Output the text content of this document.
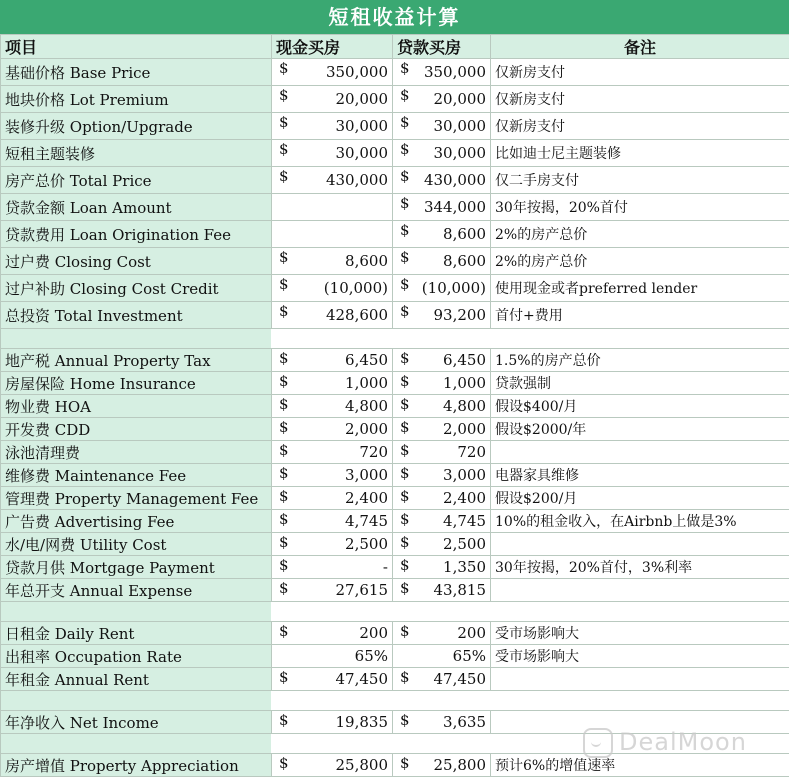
短租收益计算
项目	现金买房	贷款买房	备注
基础价格 Base Price	$ 350,000	$ 350,000	仅新房支付
地块价格 Lot Premium	$ 20,000	$ 20,000	仅新房支付
装修升级 Option/Upgrade	$ 30,000	$ 30,000	仅新房支付
短租主题装修	$ 30,000	$ 30,000	比如迪士尼主题装修
房产总价 Total Price	$ 430,000	$ 430,000	仅二手房支付
贷款金额 Loan Amount		$ 344,000	30年按揭，20%首付
贷款费用 Loan Origination Fee		$ 8,600	2%的房产总价
过户费 Closing Cost	$ 8,600	$ 8,600	2%的房产总价
过户补助 Closing Cost Credit	$ (10,000)	$ (10,000)	使用现金或者preferred lender
总投资 Total Investment	$ 428,600	$ 93,200	首付+费用

地产税 Annual Property Tax	$ 6,450	$ 6,450	1.5%的房产总价
房屋保险 Home Insurance	$ 1,000	$ 1,000	贷款强制
物业费 HOA	$ 4,800	$ 4,800	假设$400/月
开发费 CDD	$ 2,000	$ 2,000	假设$2000/年
泳池清理费	$ 720	$ 720	
维修费 Maintenance Fee	$ 3,000	$ 3,000	电器家具维修
管理费 Property Management Fee	$ 2,400	$ 2,400	假设$200/月
广告费 Advertising Fee	$ 4,745	$ 4,745	10%的租金收入，在Airbnb上做是3%
水/电/网费 Utility Cost	$ 2,500	$ 2,500	
贷款月供 Mortgage Payment	$ -	$ 1,350	30年按揭，20%首付，3%利率
年总开支 Annual Expense	$ 27,615	$ 43,815	

日租金 Daily Rent	$ 200	$ 200	受市场影响大
出租率 Occupation Rate	65%	65%	受市场影响大
年租金 Annual Rent	$ 47,450	$ 47,450	

年净收入 Net Income	$ 19,835	$ 3,635	

房产增值 Property Appreciation	$ 25,800	$ 25,800	预计6%的增值速率
DealMoon
